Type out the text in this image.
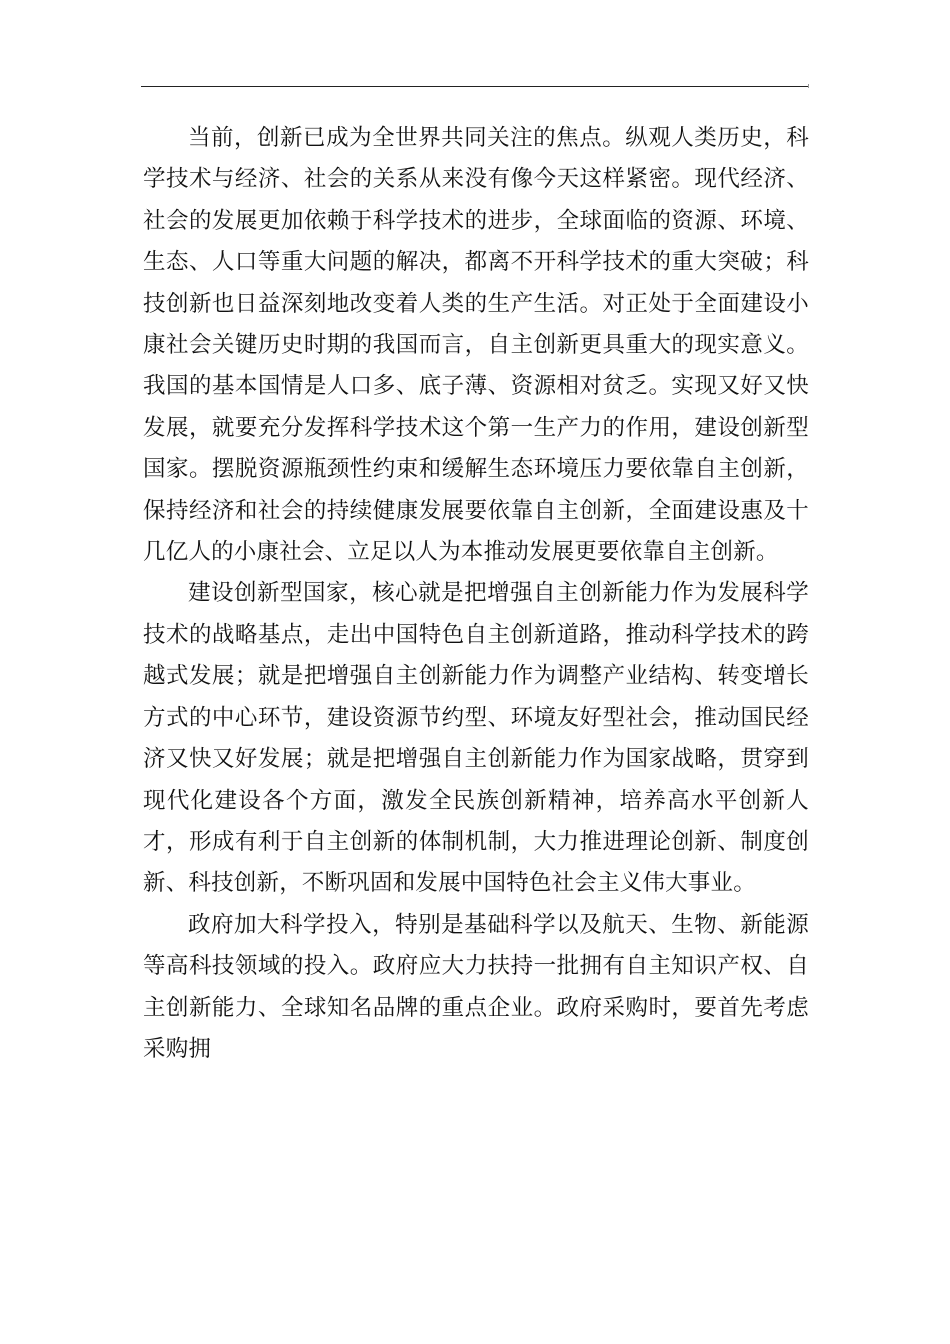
当前，创新已成为全世界共同关注的焦点。纵观人类历史，科学技术与经济、社会的关系从来没有像今天这样紧密。现代经济、社会的发展更加依赖于科学技术的进步，全球面临的资源、环境、生态、人口等重大问题的解决，都离不开科学技术的重大突破；科技创新也日益深刻地改变着人类的生产生活。对正处于全面建设小康社会关键历史时期的我国而言，自主创新更具重大的现实意义。我国的基本国情是人口多、底子薄、资源相对贫乏。实现又好又快发展，就要充分发挥科学技术这个第一生产力的作用，建设创新型国家。摆脱资源瓶颈性约束和缓解生态环境压力要依靠自主创新，保持经济和社会的持续健康发展要依靠自主创新，全面建设惠及十几亿人的小康社会、立足以人为本推动发展更要依靠自主创新。

建设创新型国家，核心就是把增强自主创新能力作为发展科学技术的战略基点，走出中国特色自主创新道路，推动科学技术的跨越式发展；就是把增强自主创新能力作为调整产业结构、转变增长方式的中心环节，建设资源节约型、环境友好型社会，推动国民经济又快又好发展；就是把增强自主创新能力作为国家战略，贯穿到现代化建设各个方面，激发全民族创新精神，培养高水平创新人才，形成有利于自主创新的体制机制，大力推进理论创新、制度创新、科技创新，不断巩固和发展中国特色社会主义伟大事业。

政府加大科学投入，特别是基础科学以及航天、生物、新能源等高科技领域的投入。政府应大力扶持一批拥有自主知识产权、自主创新能力、全球知名品牌的重点企业。政府采购时，要首先考虑采购拥
